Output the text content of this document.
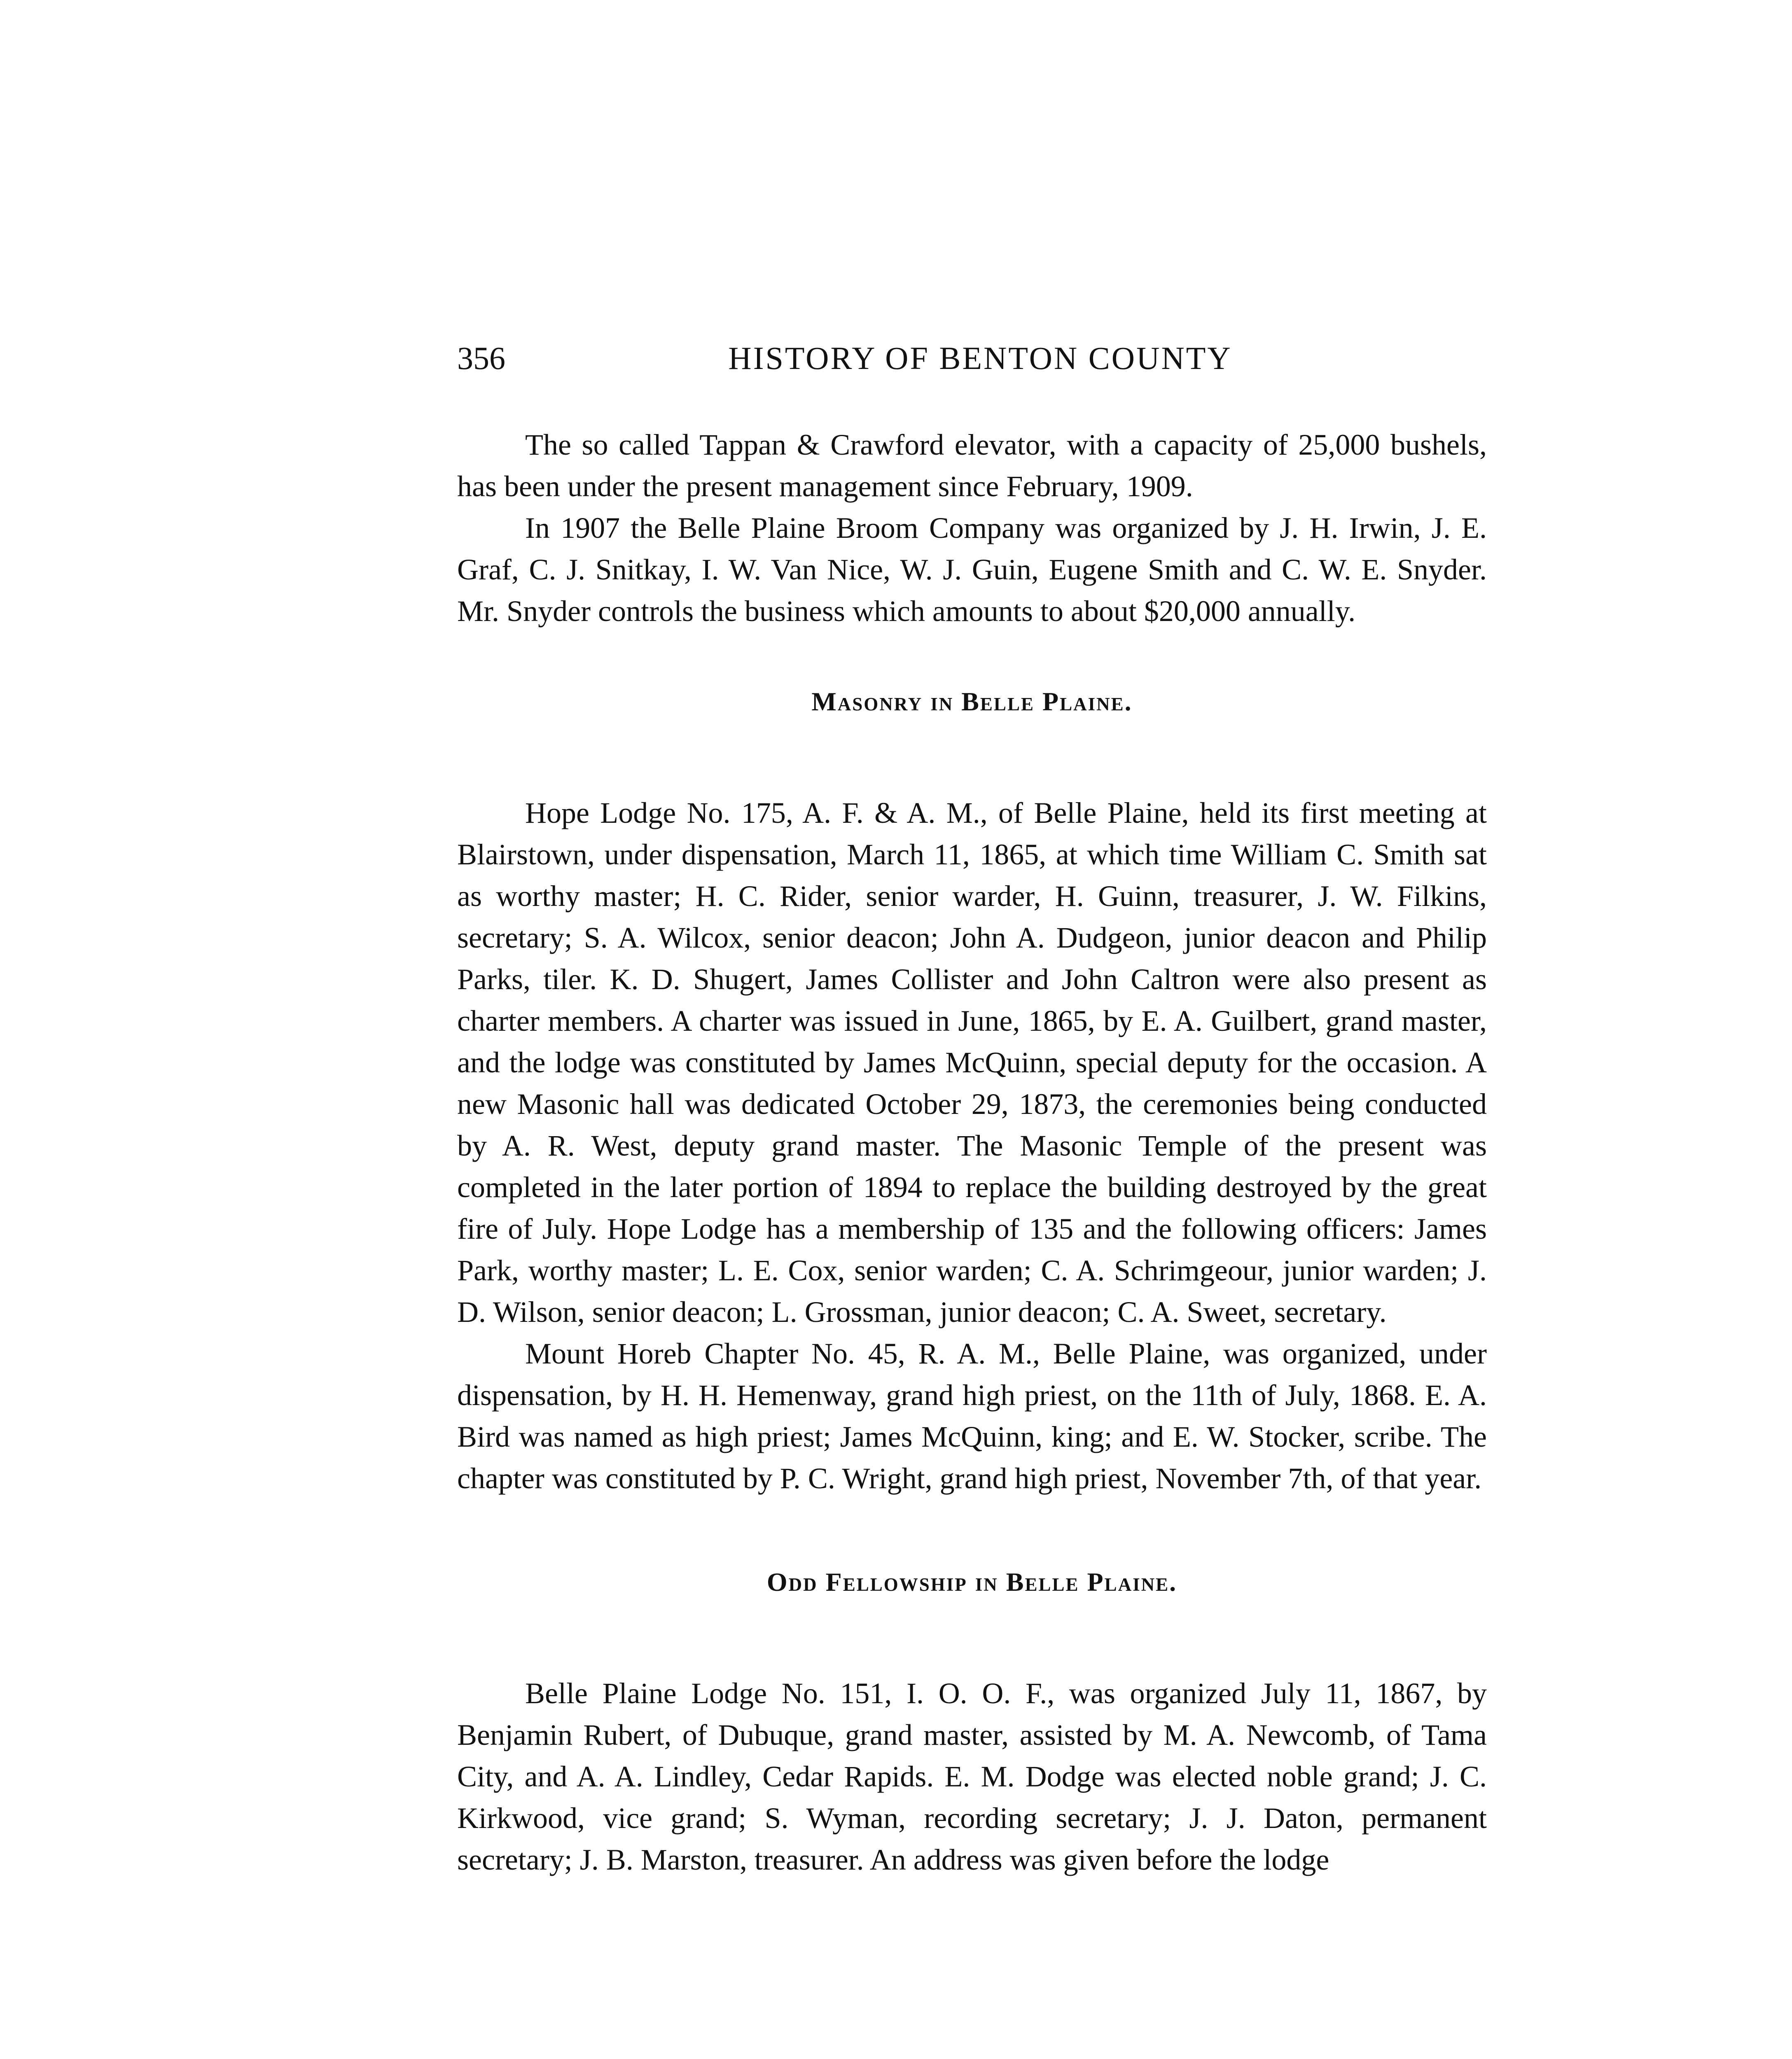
356	HISTORY OF BENTON COUNTY

The so called Tappan & Crawford elevator, with a capacity of 25,000 bushels, has been under the present management since February, 1909.

In 1907 the Belle Plaine Broom Company was organized by J. H. Irwin, J. E. Graf, C. J. Snitkay, I. W. Van Nice, W. J. Guin, Eugene Smith and C. W. E. Snyder. Mr. Snyder controls the business which amounts to about $20,000 annually.

Masonry in Belle Plaine.

Hope Lodge No. 175, A. F. & A. M., of Belle Plaine, held its first meeting at Blairstown, under dispensation, March 11, 1865, at which time William C. Smith sat as worthy master; H. C. Rider, senior warder, H. Guinn, treasurer, J. W. Filkins, secretary; S. A. Wilcox, senior deacon; John A. Dudgeon, junior deacon and Philip Parks, tiler. K. D. Shugert, James Collister and John Caltron were also present as charter members. A charter was issued in June, 1865, by E. A. Guilbert, grand master, and the lodge was constituted by James McQuinn, special deputy for the occasion. A new Masonic hall was dedicated October 29, 1873, the ceremonies being conducted by A. R. West, deputy grand master. The Masonic Temple of the present was completed in the later portion of 1894 to replace the building destroyed by the great fire of July. Hope Lodge has a membership of 135 and the following officers: James Park, worthy master; L. E. Cox, senior warden; C. A. Schrimgeour, junior warden; J. D. Wilson, senior deacon; L. Grossman, junior deacon; C. A. Sweet, secretary.

Mount Horeb Chapter No. 45, R. A. M., Belle Plaine, was organized, under dispensation, by H. H. Hemenway, grand high priest, on the 11th of July, 1868. E. A. Bird was named as high priest; James McQuinn, king; and E. W. Stocker, scribe. The chapter was constituted by P. C. Wright, grand high priest, November 7th, of that year.

Odd Fellowship in Belle Plaine.

Belle Plaine Lodge No. 151, I. O. O. F., was organized July 11, 1867, by Benjamin Rubert, of Dubuque, grand master, assisted by M. A. Newcomb, of Tama City, and A. A. Lindley, Cedar Rapids. E. M. Dodge was elected noble grand; J. C. Kirkwood, vice grand; S. Wyman, recording secretary; J. J. Daton, permanent secretary; J. B. Marston, treasurer. An address was given before the lodge
